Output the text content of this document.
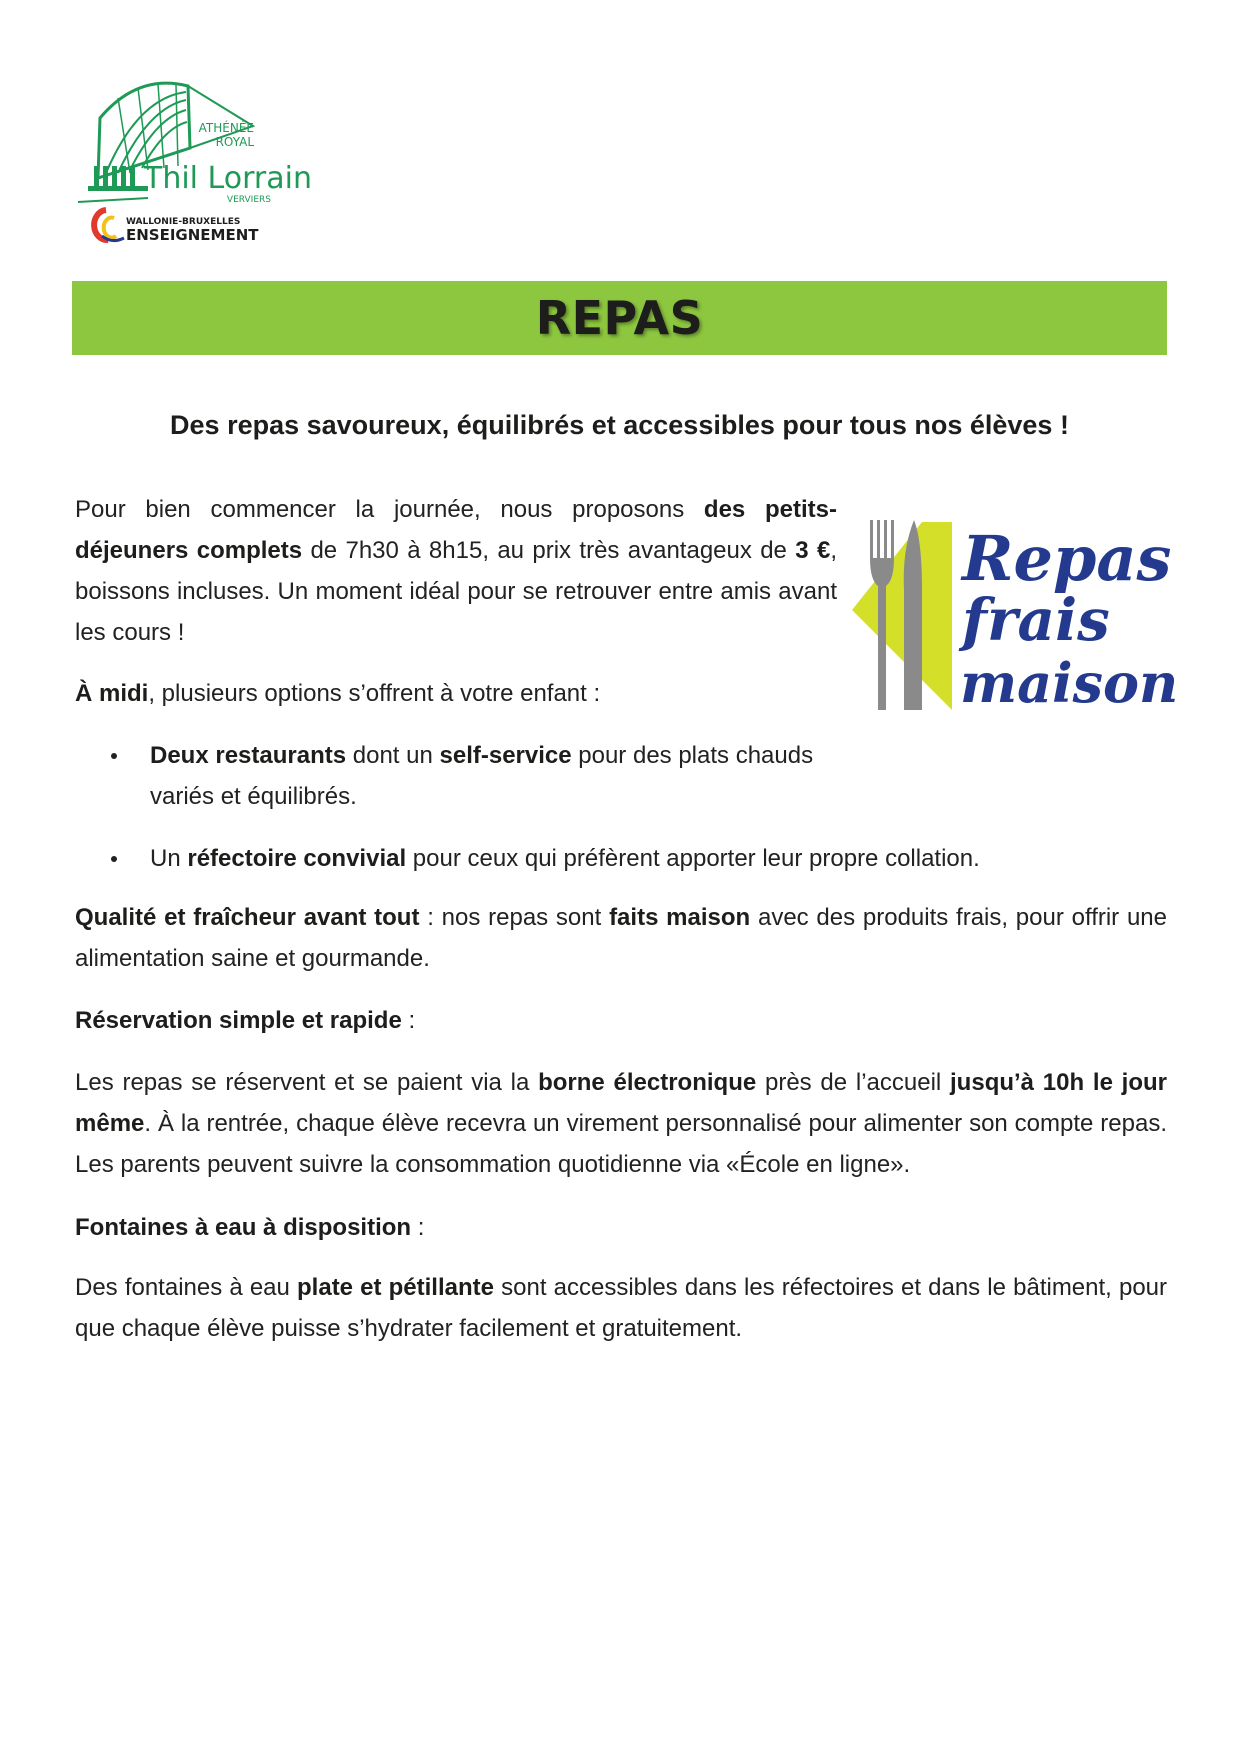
ATHÉNÉE
ROYAL
Thil Lorrain
VERVIERS
WALLONIE-BRUXELLES
ENSEIGNEMENT
REPAS
Des repas savoureux, équilibrés et accessibles pour tous nos élèves !
Repas
frais
maison

Pour bien commencer la journée, nous proposons des petits-déjeuners complets de 7h30 à 8h15, au prix très avantageux de 3 €, boissons incluses. Un moment idéal pour se retrouver entre amis avant les cours !

À midi, plusieurs options s’offrent à votre enfant :

Deux restaurants dont un self-service pour des plats chauds variés et équilibrés.
Un réfectoire convivial pour ceux qui préfèrent apporter leur propre collation.

Qualité et fraîcheur avant tout : nos repas sont faits maison avec des produits frais, pour offrir une alimentation saine et gourmande.

Réservation simple et rapide :

Les repas se réservent et se paient via la borne électronique près de l’accueil jusqu’à 10h le jour même. À la rentrée, chaque élève recevra un virement personnalisé pour alimenter son compte repas. Les parents peuvent suivre la consommation quotidienne via «École en ligne».

Fontaines à eau à disposition :

Des fontaines à eau plate et pétillante sont accessibles dans les réfectoires et dans le bâtiment, pour que chaque élève puisse s’hydrater facilement et gratuitement.
